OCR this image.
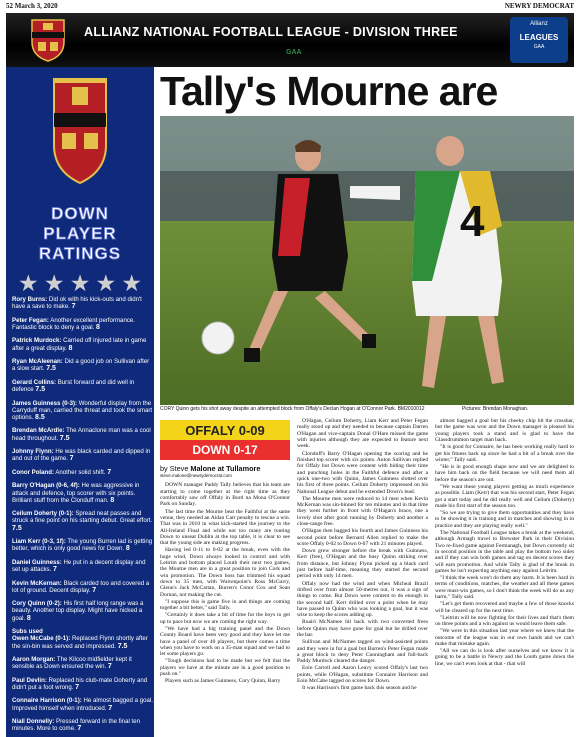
52 March 3, 2020	NEWRY DEMOCRAT
ALLIANZ NATIONAL FOOTBALL LEAGUE - DIVISION THREE
GAA
Allianz
LEAGUES
GAA
DOWN
PLAYER
RATINGS
★ ★ ★ ★ ★
Rory Burns: Did ok with his kick-outs and didn't have a save to make. 7
Peter Fegan: Another excellent performance. Fantastic block to deny a goal. 8
Patrick Murdock: Carried off injured late in game after a great display. 8
Ryan McAleenan: Did a good job on Sullivan after a slow start. 7.5
Gerard Collins: Burst forward and did well in defence 7.5
James Guinness (0-3): Wonderful display from the Carryduff man, carried the threat and took the smart options. 8.5
Brendan McArdle: The Annaclone man was a cool head throughout. 7.5
Johnny Flynn: He was black carded and dipped in and out of the game. 7
Conor Poland: Another solid shift. 7
Barry O'Hagan (0-6, 4f): He was aggressive in attack and defence, top scorer with six points. Brilliant stuff from the Clonduff man. 8
Ceilum Doherty (0-1): Spread neat passes and struck a fine point on his starting debut. Great effort. 7.5
Liam Kerr (0-3, 1f): The young Burren lad is getting better, which is only good news for Down. 8
Daniel Guinness: He put in a decent display and set up attacks. 7
Kevin McKernan: Black carded too and covered a lot of ground. Decent display. 7
Cory Quinn (0-2): His first half long range was a beauty. Another top display. Might have nicked a goal. 8
Subs used
Owen McCabe (0-1): Replaced Flynn shortly after the sin-bin was served and impressed. 7.5
Aaron Morgan: The Kilcoo midfielder kept it sensible as Down ensured the win. 7
Paul Devlin: Replaced his club-mate Doherty and didn't put a foot wrong. 7
Connaire Harrison (0-1): He almost bagged a goal. Improved himself when introduced. 7
Niall Donnelly: Pressed forward in the final ten minutes. More to come. 7
Tally's Mourne are
4
CORY Quinn gets his shot away despite an attempted block from Offaly's Declan Hogan at O'Connor Park. BM2010012	Pictures: Brendan Monaghan.
OFFALY 0-09
DOWN 0-17
by Steve Malone at Tullamore
steve.malone@newrydemocrat.com

DOWN manager Paddy Tally believes that his team are starting to come together at the right time as they comfortably saw off Offaly in Bord na Mona O'Connor Park on Sunday.

The last time the Mourne beat the Faithful at the same venue, they needed an Aidan Carr penalty to rescue a win. That was in 2010 in what kick-started the journey to the All-Ireland Final and while not too many are touting Down to unseat Dublin at the top table, it is clear to see that the young side are making progress.

Having led 0-11 to 0-02 at the break, even with the huge wind, Down always looked in control and with Leitrim and bottom placed Louth their next two games, the Mourne men are in a great position to join Cork and win promotion. The Down boss has trimmed his squad down to 35 men, with Warrenpoint's Ross McGarry, Glenn's Jack McCartan, Burren's Conor Cox and Sean Dornan, not making the cut.

"I suppose this is game five in and things are coming together a bit better," said Tally.

"Certainly it does take a bit of time for the boys to get up to pace but now we are coming the right way.

"We have had a big training panel and the Down County Board have been very good and they have let me have a panel of over 40 players, but there comes a time when you have to work on a 35-man squad and we had to let some players go.

"Tough decisions had to be made but we felt that the players we have at the minute are in a good position to push on."

Players such as James Guinness, Cory Quinn, Barry

O'Hagan, Ceilum Doherty, Liam Kerr and Peter Fegan really stood up and they needed to because captain Darren O'Hagan and vice-captain Donal O'Hare missed the game with injuries although they are expected to feature next week.

Clonduff's Barry O'Hagan opening the scoring and he finished top scorer with six points. Anton Sullivan replied for Offaly but Down were content with biding their time and punching holes in the Faithful defence and after a quick one-two with Quinn, James Guinness slotted over his first of three points. Ceilum Doherty impressed on his National League debut and he extended Down's lead.

The Mourne men were reduced to 14 men when Kevin McKernan was sin-binned for ten minutes and in that time they went further in front with O'Hagan's brace, one a lovely shot after good running by Doherty and another a close-range free.

O'Hagan then bagged his fourth and James Guinness his second point before Bernard Allen replied to make the score Offaly 0-02 to Down 0-07 with 21 minutes played.

Down grew stronger before the break with Guinness, Kerr (free), O'Hagan and the busy Quinn striking over from distance, but Johnny Flynn picked up a black card just before half-time, meaning they started the second period with only 14 men.

Offaly now had the wind and when Micheal Brazil drifted over from almost 50-metres out, it was a sign of things to come. But Down were content to do enough in the second half. Kerr drilled over a point when he may have passed to Quinn who was looking a goal, but it was wise to keep the scores adding up.

Ruairi McNamee hit back with two converted frees before Quinn may have gone for goal but he drilled over the bar.

Sullivan and McNamee tagged on wind-assisted points and they were in for a goal but Burren's Peter Fegan made a great block to deny Peter Cunningham and full-back Paddy Murdock cleared the danger.

Eoin Carroll and Aaron Leavy scored Offaly's last two points, while O'Hagan, substitute Connaire Harrison and Eoin McCabe tagged on scores for Down.

It was Harrison's first game back this season and he

almost bagged a goal but his cheeky chip hit the crossbar, but the game was won and the Down manager is pleased his young players took a stand and is glad to have the Glassdrummon target man back.

"It is good for Connaire, he has been working really hard to get his fitness back up since he had a bit of a break over the winter," Tally said.

"He is in good enough shape now and we are delighted to have him back on the field because we will need them all before the season's are out.

"We want these young players getting as much experience as possible. Liam (Kerr) that was his second start, Peter Fegan got a start today and he did really well and Ceilum (Doherty) made his first start of the season too.

"So we are trying to give them opportunities and they have to be showing it in training and in matches and showing in in practice and they are playing really well."

The National Football League takes a break at the weekend, although Armagh travel to Brewster Park in their Division Two re-fixed game against Fermanagh, but Down currently sit in second position in the table and play the bottom two sides and if they can win both games and tag on decent scores they will earn promotion. And while Tally is glad of the break in games he isn't expecting anything easy against Leitrim.

"I think the week won't do them any harm. It is been hard in terms of conditions, matches, the weather and all these games were must-win games, so I don't think the week will do us any harm," Tally said.

"Let's get them recovered and maybe a few of those knocks will be cleared up for the next time.

"Leitrim will be now fighting for their lives and that's them on three points and a win against us would leave them safe.

"We were in this situation last year where we knew that the outcome of the league was in our own hands and we can't make that mistake again.

"All we can do is look after ourselves and we know it is going to be a battle in Newry and the Louth game down the line, we can't even look at that - that will
